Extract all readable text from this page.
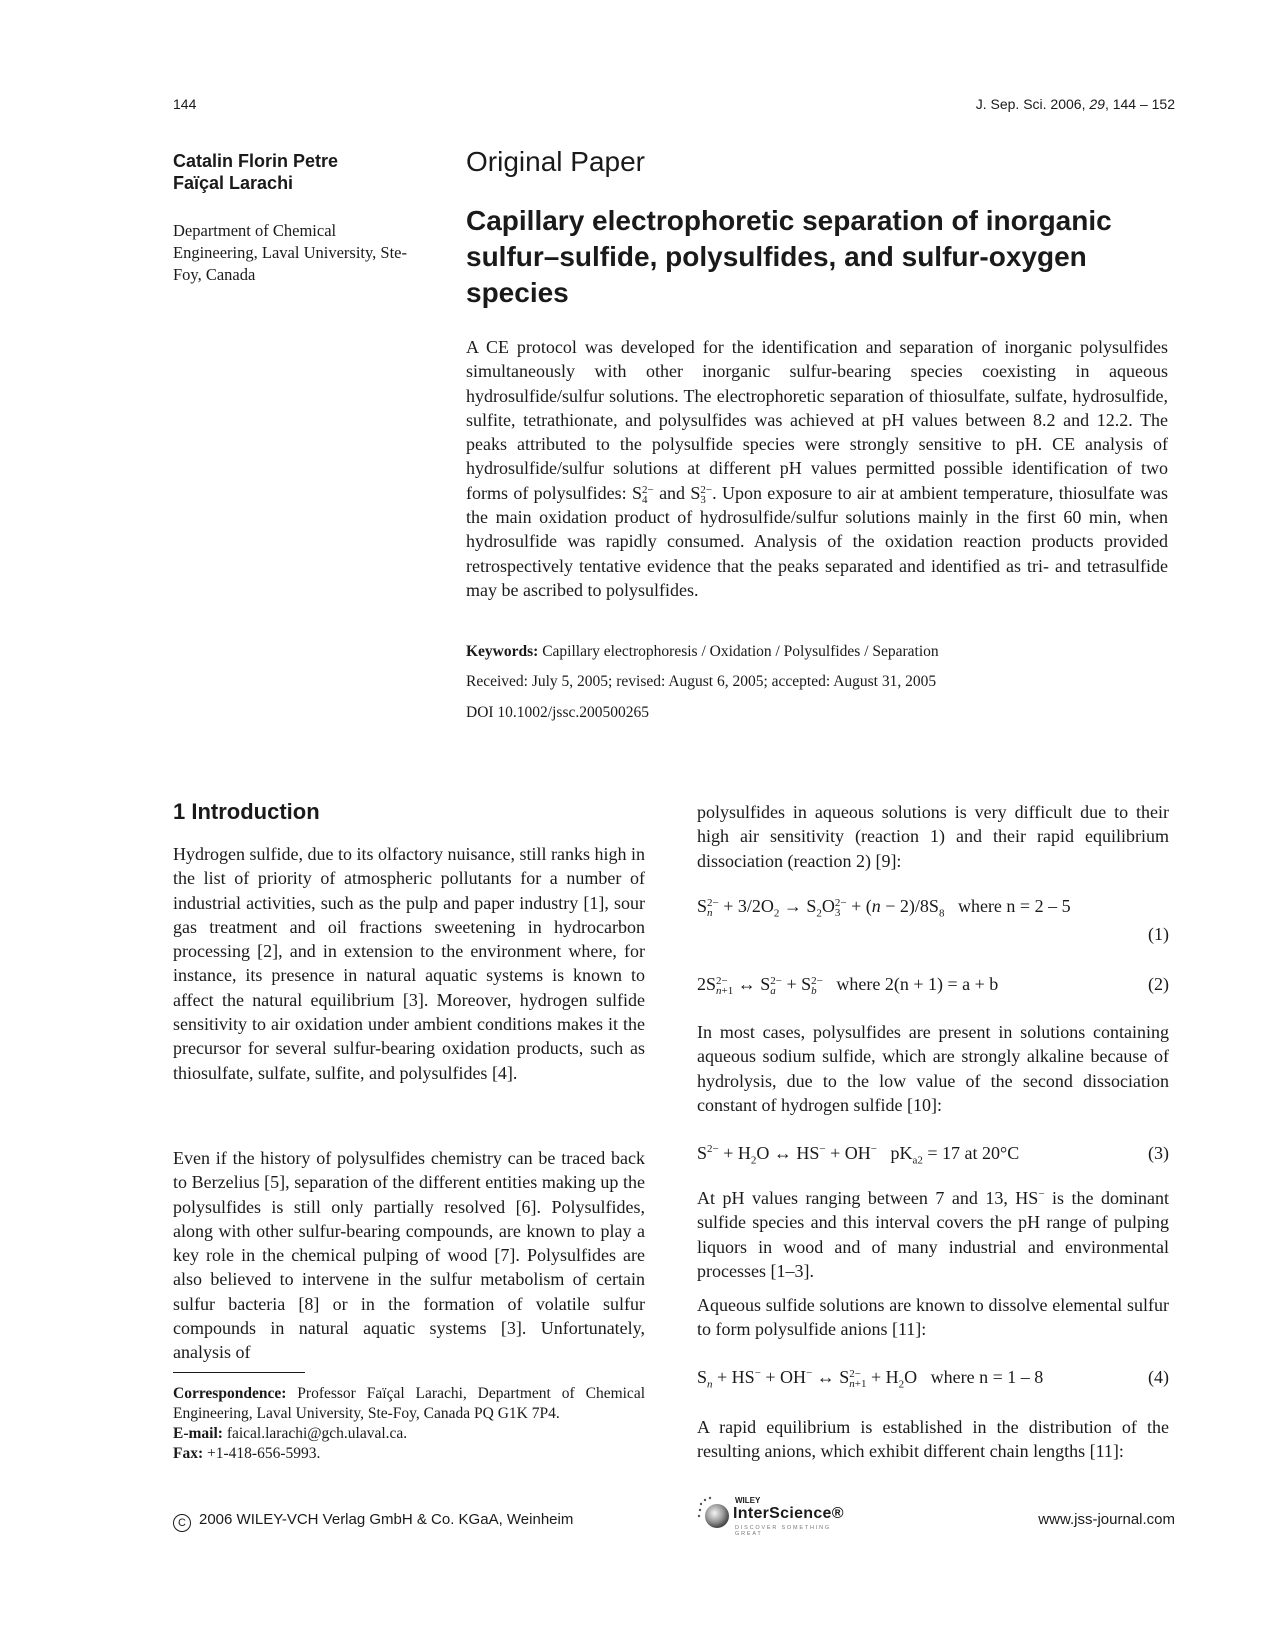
144	J. Sep. Sci. 2006, 29, 144 – 152
Catalin Florin Petre
Faïçal Larachi
Department of Chemical Engineering, Laval University, Ste-Foy, Canada
Original Paper
Capillary electrophoretic separation of inorganic sulfur–sulfide, polysulfides, and sulfur-oxygen species

A CE protocol was developed for the identification and separation of inorganic polysulfides simultaneously with other inorganic sulfur-bearing species coexisting in aqueous hydrosulfide/sulfur solutions. The electrophoretic separation of thiosulfate, sulfate, hydrosulfide, sulfite, tetrathionate, and polysulfides was achieved at pH values between 8.2 and 12.2. The peaks attributed to the polysulfide species were strongly sensitive to pH. CE analysis of hydrosulfide/sulfur solutions at different pH values permitted possible identification of two forms of polysulfides: S 2−
4 and S 2−
3 . Upon exposure to air at ambient temperature, thiosulfate was the main oxidation product of hydrosulfide/sulfur solutions mainly in the first 60 min, when hydrosulfide was rapidly consumed. Analysis of the oxidation reaction products provided retrospectively tentative evidence that the peaks separated and identified as tri- and tetrasulfide may be ascribed to polysulfides.

Keywords: Capillary electrophoresis / Oxidation / Polysulfides / Separation
Received: July 5, 2005; revised: August 6, 2005; accepted: August 31, 2005
DOI 10.1002/jssc.200500265
1 Introduction

Hydrogen sulfide, due to its olfactory nuisance, still ranks high in the list of priority of atmospheric pollutants for a number of industrial activities, such as the pulp and paper industry [1], sour gas treatment and oil fractions sweetening in hydrocarbon processing [2], and in extension to the environment where, for instance, its presence in natural aquatic systems is known to affect the natural equilibrium [3]. Moreover, hydrogen sulfide sensitivity to air oxidation under ambient conditions makes it the precursor for several sulfur-bearing oxidation products, such as thiosulfate, sulfate, sulfite, and polysulfides [4].

Even if the history of polysulfides chemistry can be traced back to Berzelius [5], separation of the different entities making up the polysulfides is still only partially resolved [6]. Polysulfides, along with other sulfur-bearing compounds, are known to play a key role in the chemical pulping of wood [7]. Polysulfides are also believed to intervene in the sulfur metabolism of certain sulfur bacteria [8] or in the formation of volatile sulfur compounds in natural aquatic systems [3]. Unfortunately, analysis of

Correspondence: Professor Faïçal Larachi, Department of Chemical Engineering, Laval University, Ste-Foy, Canada PQ G1K 7P4.
E-mail: faical.larachi@gch.ulaval.ca.
Fax: +1-418-656-5993.

polysulfides in aqueous solutions is very difficult due to their high air sensitivity (reaction 1) and their rapid equilibrium dissociation (reaction 2) [9]:

S 2−
$n + 3/2O_2 \to S_2O$ 2−
$3 + (n - 2)/8S_8$ where n = 2 – 5
(1)
2S 2−
n+1 ↔ S 2−
a + S 2−
b	where 2(n + 1) = a + b	(2)

In most cases, polysulfides are present in solutions containing aqueous sodium sulfide, which are strongly alkaline because of hydrolysis, due to the low value of the second dissociation constant of hydrogen sulfide [10]:

$S^{2-} + H_2O$ ↔ HS− + OH− $pK_{a2} = 17$ at 20°C	(3)

At pH values ranging between 7 and 13, HS− is the dominant sulfide species and this interval covers the pH range of pulping liquors in wood and of many industrial and environmental processes [1–3].

Aqueous sulfide solutions are known to dissolve elemental sulfur to form polysulfide anions [11]:

$S_n + HS^- + OH^-$ ↔ S 2−
$n+1 + H_2O$   where n = 1 – 8	(4)

A rapid equilibrium is established in the distribution of the resulting anions, which exhibit different chain lengths [11]:

C 2006 WILEY-VCH Verlag GmbH & Co. KGaA, Weinheim
WILEY
InterScience®
DISCOVER SOMETHING GREAT
www.jss-journal.com
